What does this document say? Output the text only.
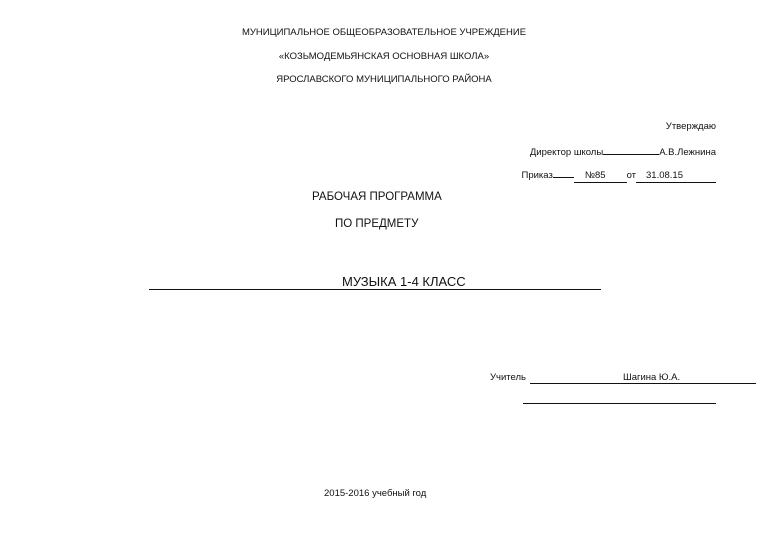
МУНИЦИПАЛЬНОЕ ОБЩЕОБРАЗОВАТЕЛЬНОЕ УЧРЕЖДЕНИЕ
«КОЗЬМОДЕМЬЯНСКАЯ ОСНОВНАЯ ШКОЛА»
ЯРОСЛАВСКОГО МУНИЦИПАЛЬНОГО РАЙОНА
Утверждаю
Директор школы	А.В.Лежнина
Приказ	№85 от 31.08.15
РАБОЧАЯ ПРОГРАММА
ПО ПРЕДМЕТУ
МУЗЫКА 1-4 КЛАСС
Учитель	Шагина Ю.А.
2015-2016 учебный год
